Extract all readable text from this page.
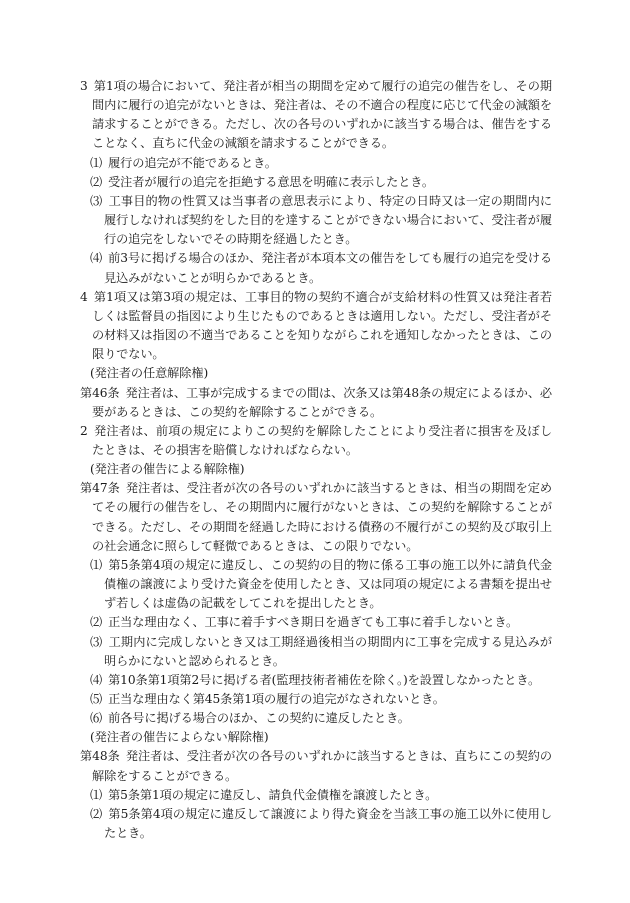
3 第1項の場合において、発注者が相当の期間を定めて履行の追完の催告をし、その期間内に履行の追完がないときは、発注者は、その不適合の程度に応じて代金の減額を請求することができる。ただし、次の各号のいずれかに該当する場合は、催告をすることなく、直ちに代金の減額を請求することができる。

⑴ 履行の追完が不能であるとき。

⑵ 受注者が履行の追完を拒絶する意思を明確に表示したとき。

⑶ 工事目的物の性質又は当事者の意思表示により、特定の日時又は一定の期間内に履行しなければ契約をした目的を達することができない場合において、受注者が履行の追完をしないでその時期を経過したとき。

⑷ 前3号に掲げる場合のほか、発注者が本項本文の催告をしても履行の追完を受ける見込みがないことが明らかであるとき。

4 第1項又は第3項の規定は、工事目的物の契約不適合が支給材料の性質又は発注者若しくは監督員の指図により生じたものであるときは適用しない。ただし、受注者がその材料又は指図の不適当であることを知りながらこれを通知しなかったときは、この限りでない。

(発注者の任意解除権)

第46条 発注者は、工事が完成するまでの間は、次条又は第48条の規定によるほか、必要があるときは、この契約を解除することができる。

2 発注者は、前項の規定によりこの契約を解除したことにより受注者に損害を及ぼしたときは、その損害を賠償しなければならない。

(発注者の催告による解除権)

第47条 発注者は、受注者が次の各号のいずれかに該当するときは、相当の期間を定めてその履行の催告をし、その期間内に履行がないときは、この契約を解除することができる。ただし、その期間を経過した時における債務の不履行がこの契約及び取引上の社会通念に照らして軽微であるときは、この限りでない。

⑴ 第5条第4項の規定に違反し、この契約の目的物に係る工事の施工以外に請負代金債権の譲渡により受けた資金を使用したとき、又は同項の規定による書類を提出せず若しくは虚偽の記載をしてこれを提出したとき。

⑵ 正当な理由なく、工事に着手すべき期日を過ぎても工事に着手しないとき。

⑶ 工期内に完成しないとき又は工期経過後相当の期間内に工事を完成する見込みが明らかにないと認められるとき。

⑷ 第10条第1項第2号に掲げる者(監理技術者補佐を除く。)を設置しなかったとき。

⑸ 正当な理由なく第45条第1項の履行の追完がなされないとき。

⑹ 前各号に掲げる場合のほか、この契約に違反したとき。

(発注者の催告によらない解除権)

第48条 発注者は、受注者が次の各号のいずれかに該当するときは、直ちにこの契約の解除をすることができる。

⑴ 第5条第1項の規定に違反し、請負代金債権を譲渡したとき。

⑵ 第5条第4項の規定に違反して譲渡により得た資金を当該工事の施工以外に使用したとき。
